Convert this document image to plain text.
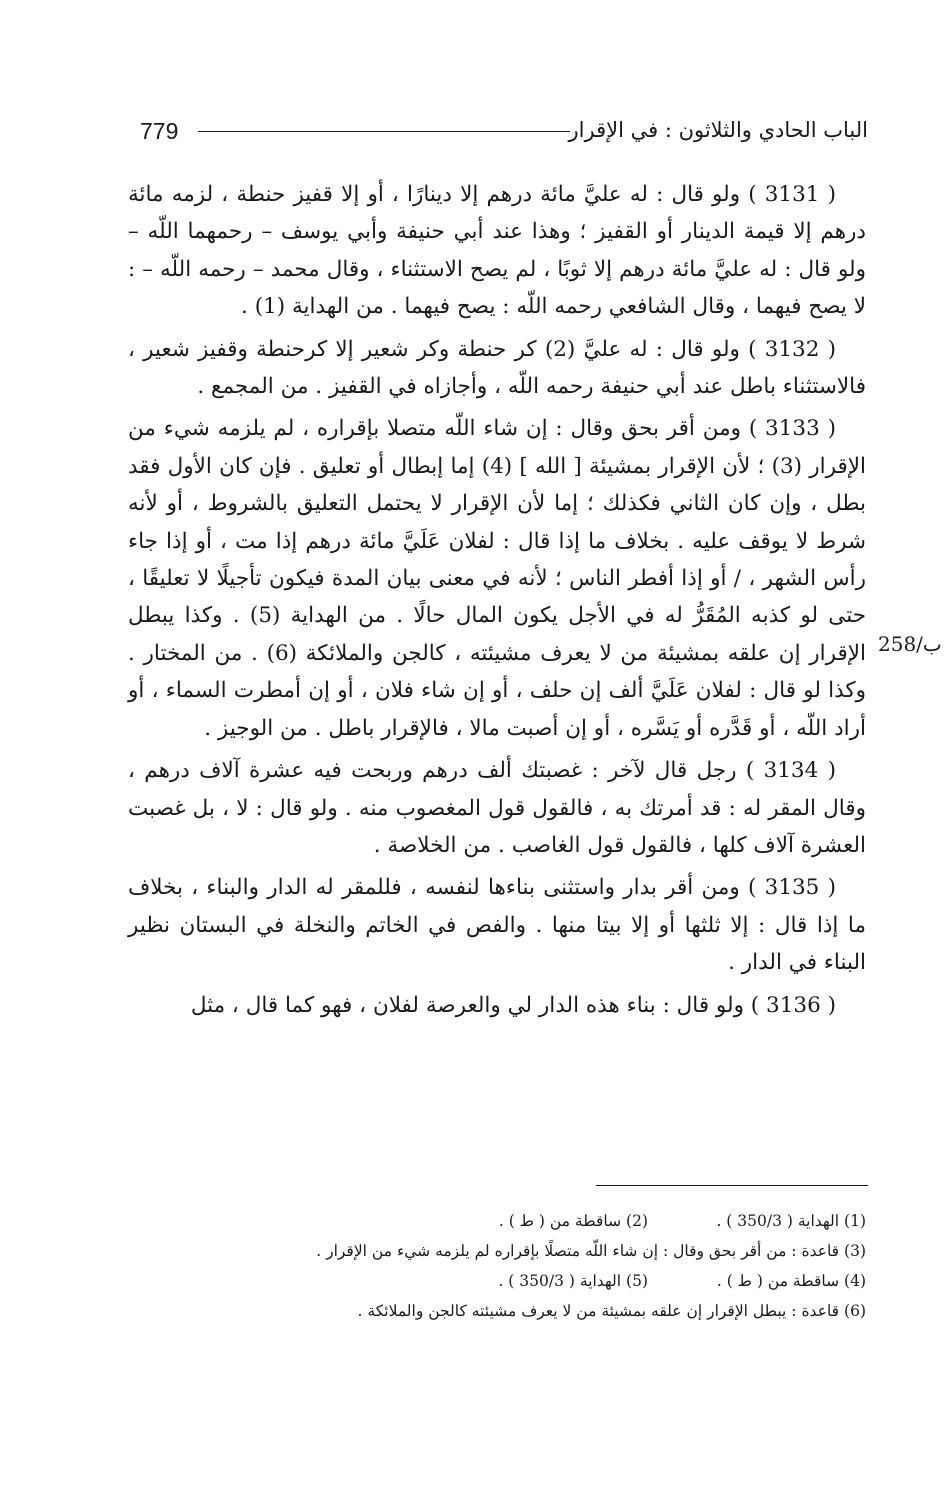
779	الباب الحادي والثلاثون : في الإقرار
258/ب

( 3131 ) ولو قال : له عليَّ مائة درهم إلا دينارًا ، أو إلا قفيز حنطة ، لزمه مائة درهم إلا قيمة الدينار أو القفيز ؛ وهذا عند أبي حنيفة وأبي يوسف – رحمهما اللّه – ولو قال : له عليَّ مائة درهم إلا ثوبًا ، لم يصح الاستثناء ، وقال محمد – رحمه اللّه – : لا يصح فيهما ، وقال الشافعي رحمه اللّه : يصح فيهما . من الهداية (1) .

( 3132 ) ولو قال : له عليَّ (2) كر حنطة وكر شعير إلا كرحنطة وقفيز شعير ، فالاستثناء باطل عند أبي حنيفة رحمه اللّه ، وأجازاه في القفيز . من المجمع .

( 3133 ) ومن أقر بحق وقال : إن شاء اللّه متصلا بإقراره ، لم يلزمه شيء من الإقرار (3) ؛ لأن الإقرار بمشيئة [ الله ] (4) إما إبطال أو تعليق . فإن كان الأول فقد بطل ، وإن كان الثاني فكذلك ؛ إما لأن الإقرار لا يحتمل التعليق بالشروط ، أو لأنه شرط لا يوقف عليه . بخلاف ما إذا قال : لفلان عَلَيَّ مائة درهم إذا مت ، أو إذا جاء رأس الشهر ، / أو إذا أفطر الناس ؛ لأنه في معنى بيان المدة فيكون تأجيلًا لا تعليقًا ، حتى لو كذبه المُقَرُّ له في الأجل يكون المال حالًا . من الهداية (5) . وكذا يبطل الإقرار إن علقه بمشيئة من لا يعرف مشيئته ، كالجن والملائكة (6) . من المختار . وكذا لو قال : لفلان عَلَيَّ ألف إن حلف ، أو إن شاء فلان ، أو إن أمطرت السماء ، أو أراد اللّه ، أو قَدَّره أو يَسَّره ، أو إن أصبت مالا ، فالإقرار باطل . من الوجيز .

( 3134 ) رجل قال لآخر : غصبتك ألف درهم وربحت فيه عشرة آلاف درهم ، وقال المقر له : قد أمرتك به ، فالقول قول المغصوب منه . ولو قال : لا ، بل غصبت العشرة آلاف كلها ، فالقول قول الغاصب . من الخلاصة .

( 3135 ) ومن أقر بدار واستثنى بناءها لنفسه ، فللمقر له الدار والبناء ، بخلاف ما إذا قال : إلا ثلثها أو إلا بيتا منها . والفص في الخاتم والنخلة في البستان نظير البناء في الدار .

( 3136 ) ولو قال : بناء هذه الدار لي والعرصة لفلان ، فهو كما قال ، مثل

(1) الهداية ( 350/3 ) .
(2) ساقطة من ( ط ) .
(3) قاعدة : من أقر بحق وقال : إن شاء اللّه متصلًا بإقراره لم يلزمه شيء من الإقرار .
(4) ساقطة من ( ط ) .
(5) الهداية ( 350/3 ) .
(6) قاعدة : يبطل الإقرار إن علقه بمشيئة من لا يعرف مشيئته كالجن والملائكة .
